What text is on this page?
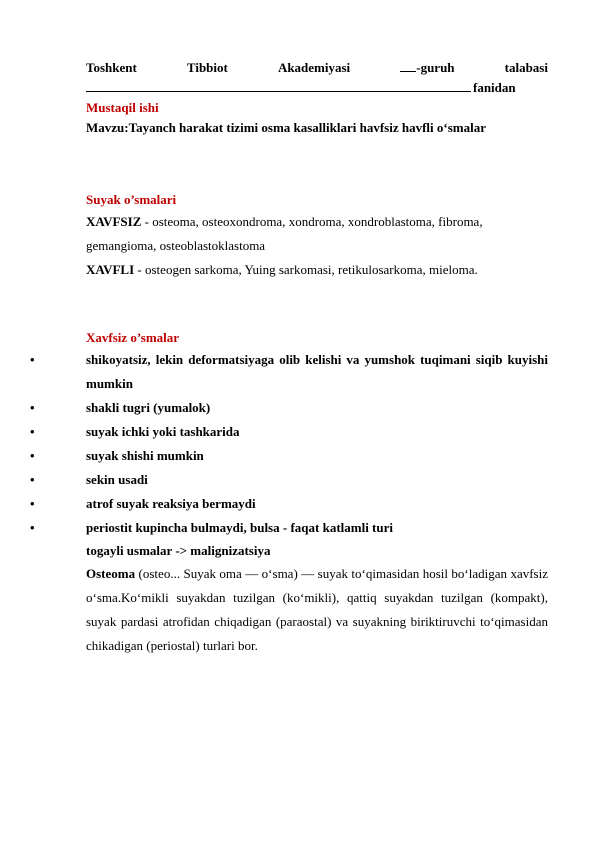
Toshkent	Tibbiot	Akademiyasi	-guruh	talabasi
fanidan
Mustaqil ishi
Mavzu:Tayanch harakat tizimi osma kasalliklari havfsiz havfli o‘smalar
Suyak o’smalari
XAVFSIZ - osteoma, osteoxondroma, xondroma, xondroblastoma, fibroma,
gemangioma, osteoblastoklastoma
XAVFLI - osteogen sarkoma, Yuing sarkomasi, retikulosarkoma, mieloma.
Xavfsiz o’smalar
•	shikoyatsiz, lekin deformatsiyaga olib kelishi va yumshok tuqimani siqib kuyishi mumkin
•	shakli tugri (yumalok)
•	suyak ichki yoki tashkarida
•	suyak shishi mumkin
•	sekin usadi
•	atrof suyak reaksiya bermaydi
•	periostit kupincha bulmaydi, bulsa - faqat katlamli turi
togayli usmalar -> malignizatsiya
Osteoma (osteo... Suyak oma — o‘sma) — suyak to‘qimasidan hosil bo‘ladigan xavfsiz o‘sma.Ko‘mikli suyakdan tuzilgan (ko‘mikli), qattiq suyakdan tuzilgan (kompakt), suyak pardasi atrofidan chiqadigan (paraostal) va suyakning biriktiruvchi to‘qimasidan chikadigan (periostal) turlari bor.
